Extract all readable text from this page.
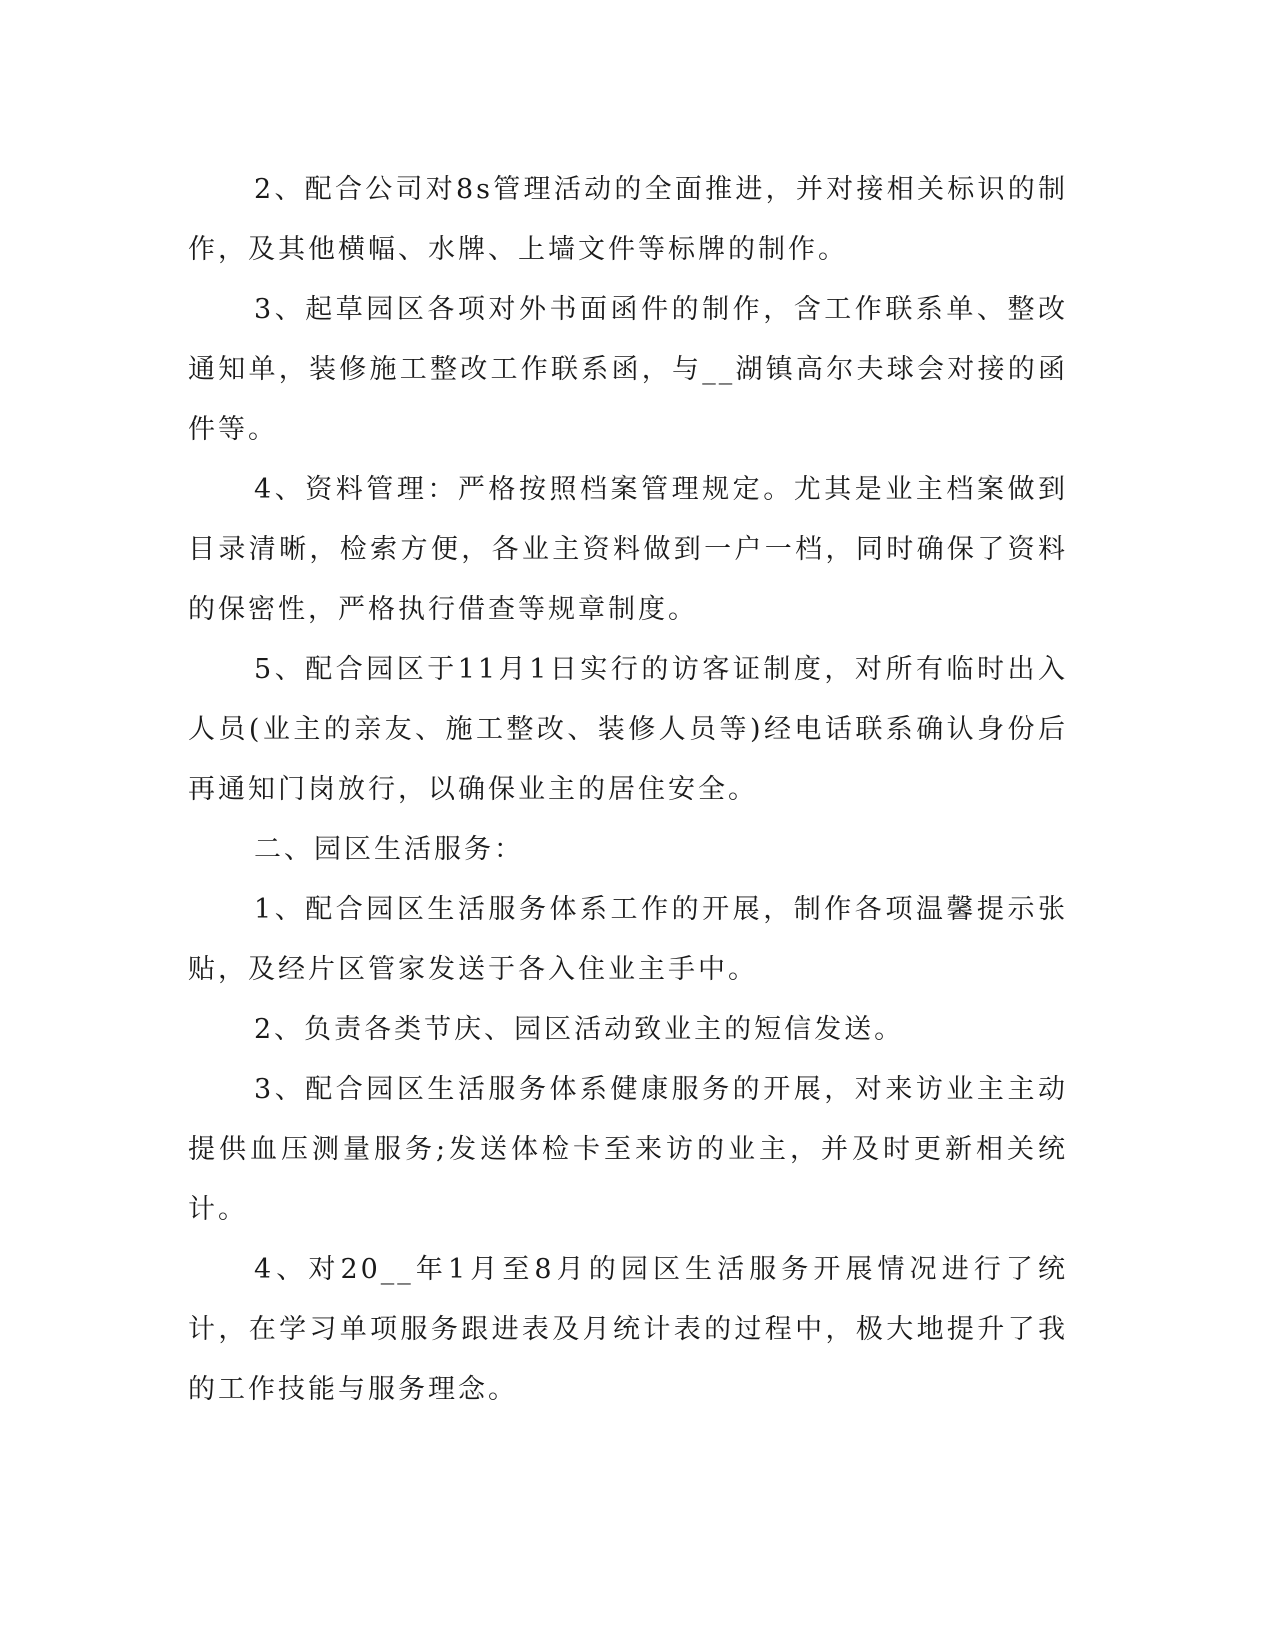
2、配合公司对8s管理活动的全面推进，并对接相关标识的制作，及其他横幅、水牌、上墙文件等标牌的制作。

3、起草园区各项对外书面函件的制作，含工作联系单、整改通知单，装修施工整改工作联系函，与__湖镇高尔夫球会对接的函件等。

4、资料管理：严格按照档案管理规定。尤其是业主档案做到目录清晰，检索方便，各业主资料做到一户一档，同时确保了资料的保密性，严格执行借查等规章制度。

5、配合园区于11月1日实行的访客证制度，对所有临时出入人员(业主的亲友、施工整改、装修人员等)经电话联系确认身份后再通知门岗放行，以确保业主的居住安全。

二、园区生活服务：

1、配合园区生活服务体系工作的开展，制作各项温馨提示张贴，及经片区管家发送于各入住业主手中。

2、负责各类节庆、园区活动致业主的短信发送。

3、配合园区生活服务体系健康服务的开展，对来访业主主动提供血压测量服务;发送体检卡至来访的业主，并及时更新相关统计。

4、对20__年1月至8月的园区生活服务开展情况进行了统计，在学习单项服务跟进表及月统计表的过程中，极大地提升了我的工作技能与服务理念。
